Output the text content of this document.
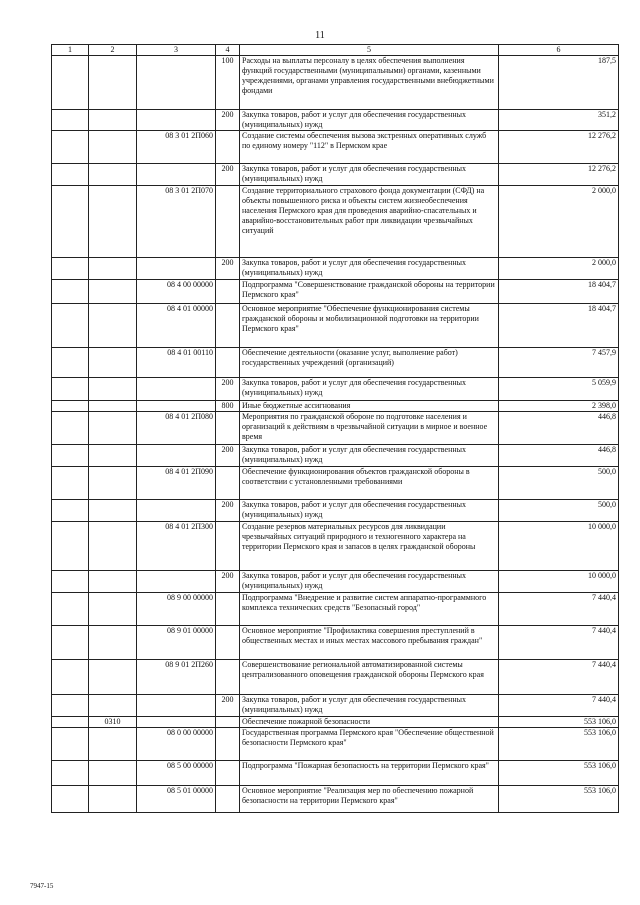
11
1	2	3	4	5	6
			100	Расходы на выплаты персоналу в целях обеспечения выполнения функций государственными (муниципальными) органами, казенными учреждениями, органами управления государственными внебюджетными фондами	187,5
			200	Закупка товаров, работ и услуг для обеспечения государственных (муниципальных) нужд	351,2
		08 3 01 2П060		Создание системы обеспечения вызова экстренных оперативных служб по единому номеру "112" в Пермском крае	12 276,2
			200	Закупка товаров, работ и услуг для обеспечения государственных (муниципальных) нужд	12 276,2
		08 3 01 2П070		Создание территориального страхового фонда документации (СФД) на объекты повышенного риска и объекты систем жизнеобеспечения населения Пермского края для проведения аварийно-спасательных и аварийно-восстановительных работ при ликвидации чрезвычайных ситуаций	2 000,0
			200	Закупка товаров, работ и услуг для обеспечения государственных (муниципальных) нужд	2 000,0
		08 4 00 00000		Подпрограмма "Совершенствование гражданской обороны на территории Пермского края"	18 404,7
		08 4 01 00000		Основное мероприятие "Обеспечение функционирования системы гражданской обороны и мобилизационной подготовки на территории Пермского края"	18 404,7
		08 4 01 00110		Обеспечение деятельности (оказание услуг, выполнение работ) государственных учреждений (организаций)	7 457,9
			200	Закупка товаров, работ и услуг для обеспечения государственных (муниципальных) нужд	5 059,9
			800	Иные бюджетные ассигнования	2 398,0
		08 4 01 2П080		Мероприятия по гражданской обороне по подготовке населения и организаций к действиям в чрезвычайной ситуации в мирное и военное время	446,8
			200	Закупка товаров, работ и услуг для обеспечения государственных (муниципальных) нужд	446,8
		08 4 01 2П090		Обеспечение функционирования объектов гражданской обороны в соответствии с установленными требованиями	500,0
			200	Закупка товаров, работ и услуг для обеспечения государственных (муниципальных) нужд	500,0
		08 4 01 2П300		Создание резервов материальных ресурсов для ликвидации чрезвычайных ситуаций природного и техногенного характера на территории Пермского края и запасов в целях гражданской обороны	10 000,0
			200	Закупка товаров, работ и услуг для обеспечения государственных (муниципальных) нужд	10 000,0
		08 9 00 00000		Подпрограмма "Внедрение и развитие систем аппаратно-программного комплекса технических средств "Безопасный город"	7 440,4
		08 9 01 00000		Основное мероприятие "Профилактика совершения преступлений в общественных местах и иных местах массового пребывания граждан"	7 440,4
		08 9 01 2П260		Совершенствование региональной автоматизированной системы централизованного оповещения гражданской обороны Пермского края	7 440,4
			200	Закупка товаров, работ и услуг для обеспечения государственных (муниципальных) нужд	7 440,4
	0310			Обеспечение пожарной безопасности	553 106,0
		08 0 00 00000		Государственная программа Пермского края "Обеспечение общественной безопасности Пермского края"	553 106,0
		08 5 00 00000		Подпрограмма "Пожарная безопасность на территории Пермского края"	553 106,0
		08 5 01 00000		Основное мероприятие "Реализация мер по обеспечению пожарной безопасности на территории Пермского края"	553 106,0
7947-15
